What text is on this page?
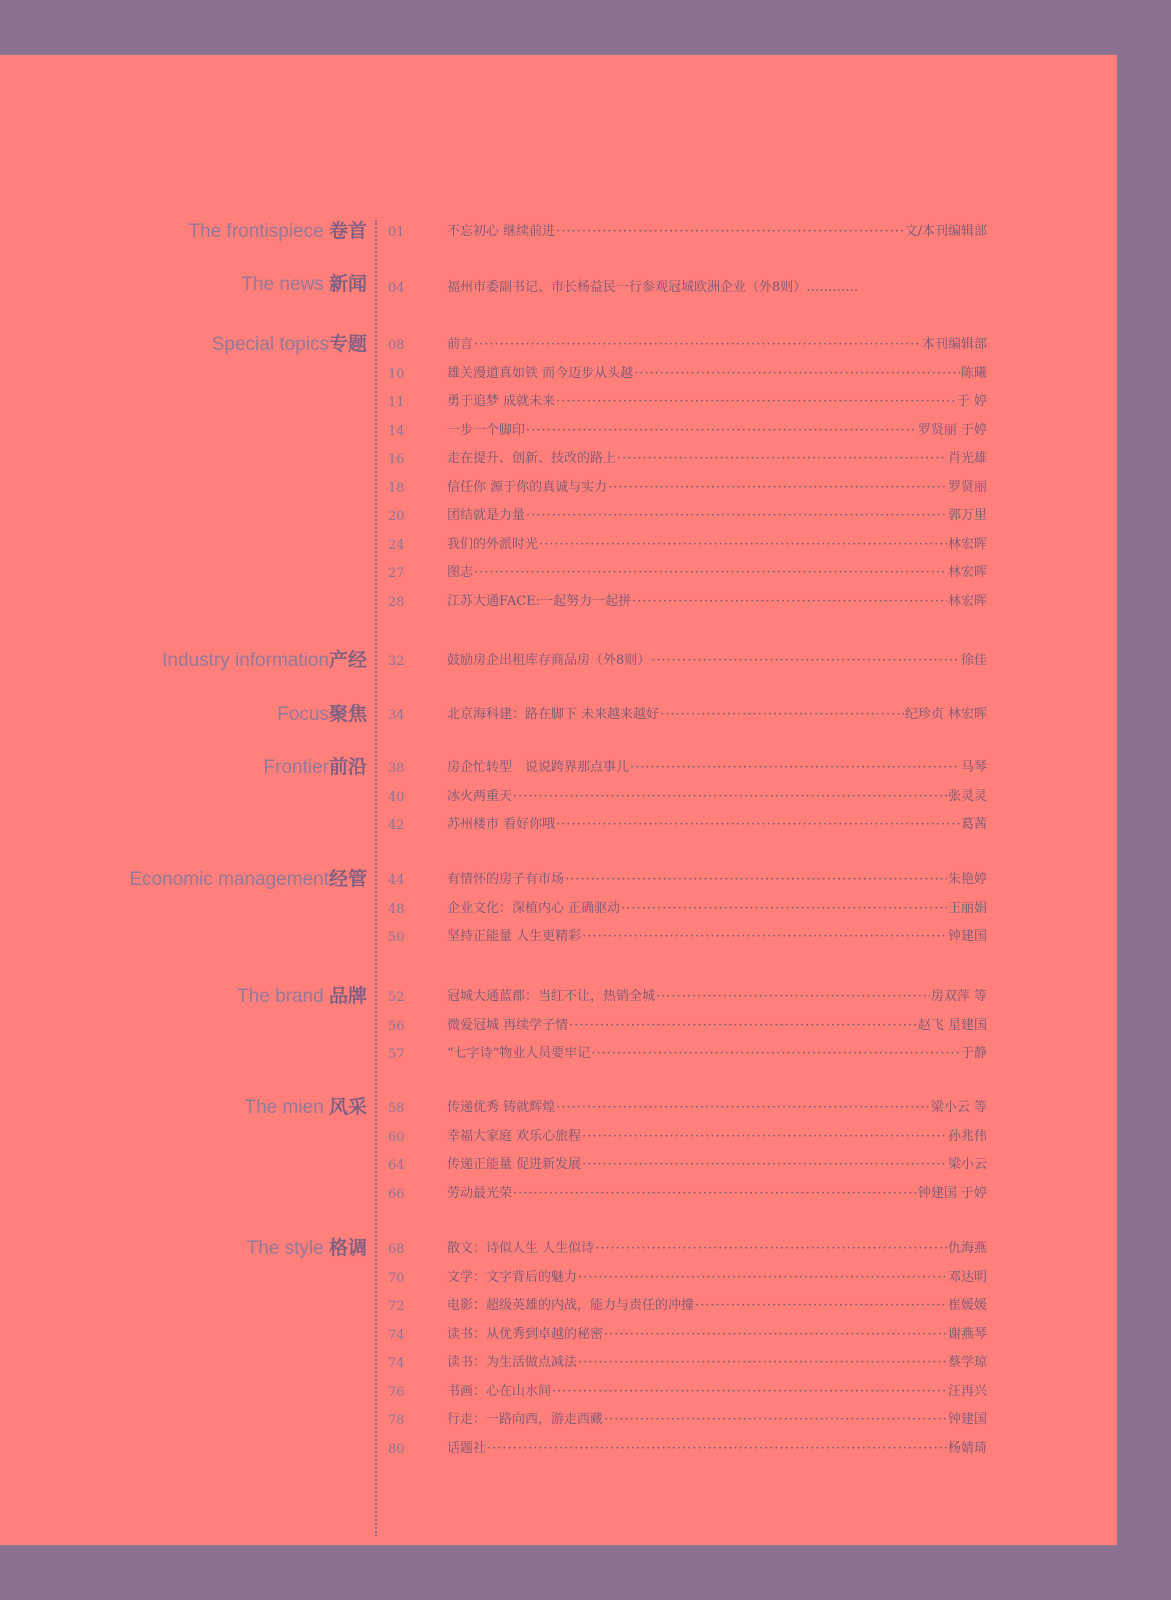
The frontispiece 卷首 01	不忘初心 继续前进 ·····	文/本刊编辑部
The news 新闻 04	福州市委副书记、市长杨益民一行参观冠城欧洲企业（外8则）…………
Special topics专题 08	前言 ·····	本刊编辑部
10	雄关漫道真如铁 而今迈步从头越 ·····	陈曦
11	勇于追梦 成就未来 ·····	于 婷
14	一步一个脚印 ·····	罗贤丽 于婷
16	走在提升、创新、技改的路上 ·····	肖光雄
18	信任你 源于你的真诚与实力 ·····	罗贤丽
20	团结就是力量 ·····	郭万里
24	我们的外派时光 ·····	林宏晖
27	图志 ·····	林宏晖
28	江苏大通FACE:一起努力一起拼 ·····	林宏晖
Industry information产经 32	鼓励房企出租库存商品房（外8则） ·····	徐佳
Focus聚焦 34	北京海科建：路在脚下 未来越来越好 ·····	纪珍贞 林宏晖
Frontier前沿 38	房企忙转型　说说跨界那点事儿 ·····	马琴
40	冰火两重天 ·····	张灵灵
42	苏州楼市 看好你哦 ·····	葛茜
Economic management经管 44	有情怀的房子有市场 ·····	朱艳婷
48	企业文化：深植内心 正确驱动 ·····	王丽娟
50	坚持正能量 人生更精彩 ·····	钟建国
The brand 品牌 52	冠城大通蓝郡：当红不让，热销全城 ·····	房双萍 等
56	微爱冠城 再续学子情 ·····	赵飞 星建国
57	“七字诗”物业人员要牢记 ·····	于静
The mien 风采 58	传递优秀 铸就辉煌 ·····	梁小云 等
60	幸福大家庭 欢乐心旅程 ·····	孙兆伟
64	传递正能量 促进新发展 ·····	梁小云
66	劳动最光荣 ·····	钟建国 于婷
The style 格调 68	散文：诗似人生 人生似诗 ·····	仇海燕
70	文学：文字背后的魅力 ·····	邓达明
72	电影：超级英雄的内战，能力与责任的冲撞 ·····	崔媛媛
74	读书：从优秀到卓越的秘密 ·····	谢燕琴
74	读书：为生活做点减法 ·····	蔡学琼
76	书画：心在山水间 ·····	汪再兴
78	行走：一路向西，游走西藏 ·····	钟建国
80	话题社 ·····	杨婧琦
